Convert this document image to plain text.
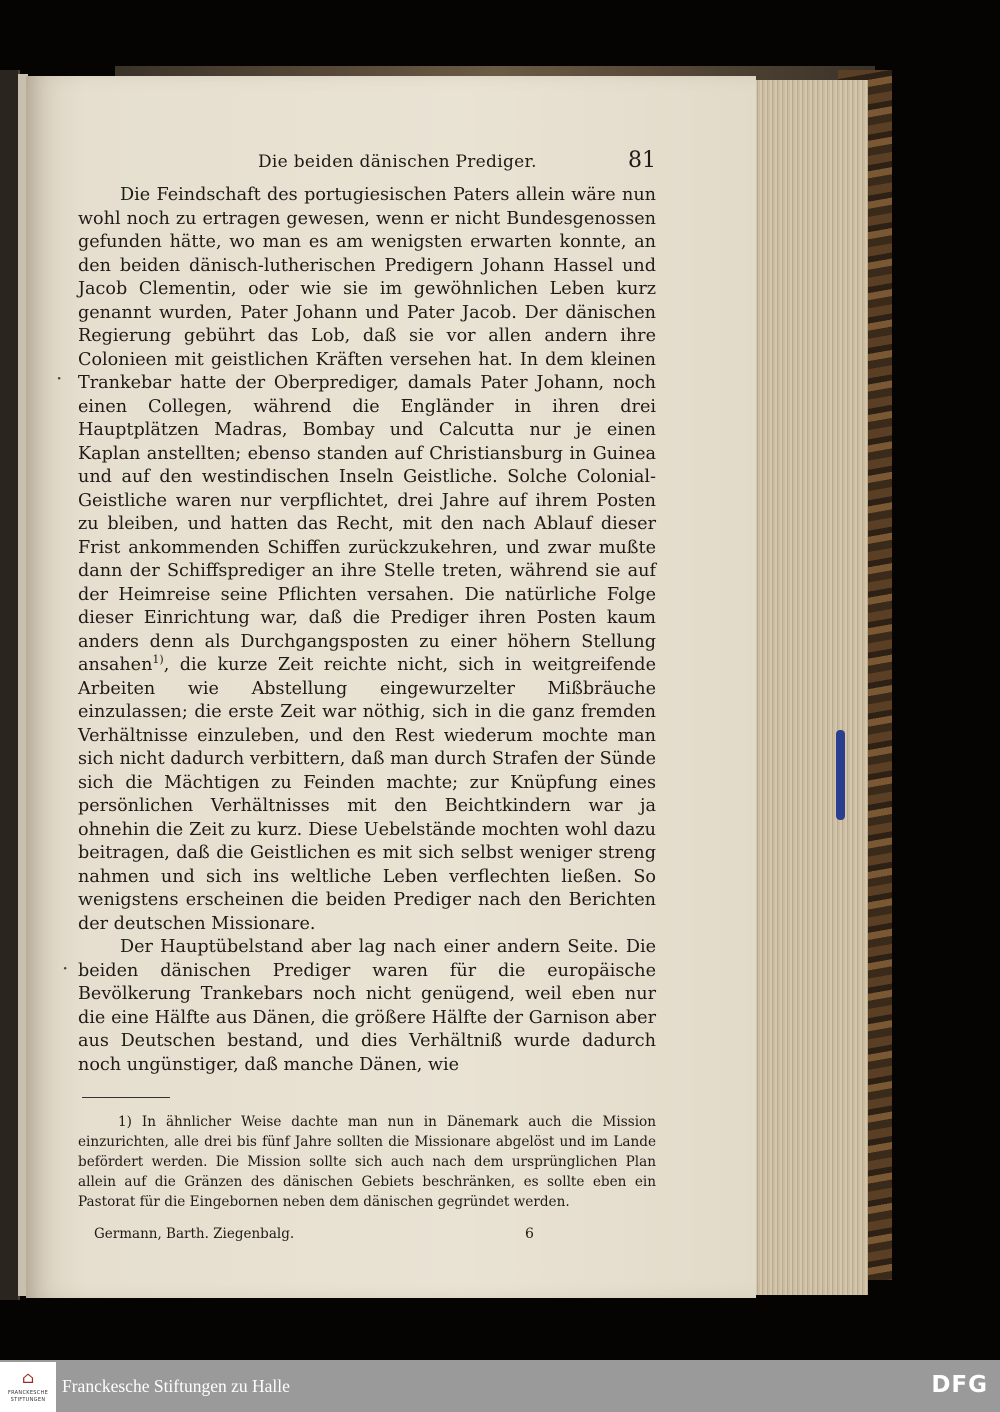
·
·
Die beiden dänischen Prediger.	81

Die Feindschaft des portugiesischen Paters allein wäre nun wohl noch zu ertragen gewesen, wenn er nicht Bundesgenossen gefunden hätte, wo man es am wenigsten erwarten konnte, an den beiden dänisch-lutherischen Predigern Johann Hassel und Jacob Clementin, oder wie sie im gewöhnlichen Leben kurz genannt wurden, Pater Johann und Pater Jacob. Der dänischen Regierung gebührt das Lob, daß sie vor allen andern ihre Colonieen mit geistlichen Kräften versehen hat. In dem kleinen Trankebar hatte der Oberprediger, damals Pater Johann, noch einen Collegen, während die Engländer in ihren drei Hauptplätzen Madras, Bombay und Calcutta nur je einen Kaplan anstellten; ebenso standen auf Christiansburg in Guinea und auf den westindischen Inseln Geistliche. Solche Colonial-Geistliche waren nur verpflichtet, drei Jahre auf ihrem Posten zu bleiben, und hatten das Recht, mit den nach Ablauf dieser Frist ankommenden Schiffen zurückzukehren, und zwar mußte dann der Schiffsprediger an ihre Stelle treten, während sie auf der Heimreise seine Pflichten versahen. Die natürliche Folge dieser Einrichtung war, daß die Prediger ihren Posten kaum anders denn als Durchgangsposten zu einer höhern Stellung ansahen$^{1)}$, die kurze Zeit reichte nicht, sich in weitgreifende Arbeiten wie Abstellung eingewurzelter Mißbräuche einzulassen; die erste Zeit war nöthig, sich in die ganz fremden Verhältnisse einzuleben, und den Rest wiederum mochte man sich nicht dadurch verbittern, daß man durch Strafen der Sünde sich die Mächtigen zu Feinden machte; zur Knüpfung eines persönlichen Verhältnisses mit den Beichtkindern war ja ohnehin die Zeit zu kurz. Diese Uebelstände mochten wohl dazu beitragen, daß die Geistlichen es mit sich selbst weniger streng nahmen und sich ins weltliche Leben verflechten ließen. So wenigstens erscheinen die beiden Prediger nach den Berichten der deutschen Missionare.

Der Hauptübelstand aber lag nach einer andern Seite. Die beiden dänischen Prediger waren für die europäische Bevölkerung Trankebars noch nicht genügend, weil eben nur die eine Hälfte aus Dänen, die größere Hälfte der Garnison aber aus Deutschen bestand, und dies Verhältniß wurde dadurch noch ungünstiger, daß manche Dänen, wie

1) In ähnlicher Weise dachte man nun in Dänemark auch die Mission einzurichten, alle drei bis fünf Jahre sollten die Missionare abgelöst und im Lande befördert werden. Die Mission sollte sich auch nach dem ursprünglichen Plan allein auf die Gränzen des dänischen Gebiets beschränken, es sollte eben ein Pastorat für die Eingebornen neben dem dänischen gegründet werden.
Germann, Barth. Ziegenbalg.	6
⌂
FRANCKESCHE
STIFTUNGEN
Franckesche Stiftungen zu Halle	DFG
